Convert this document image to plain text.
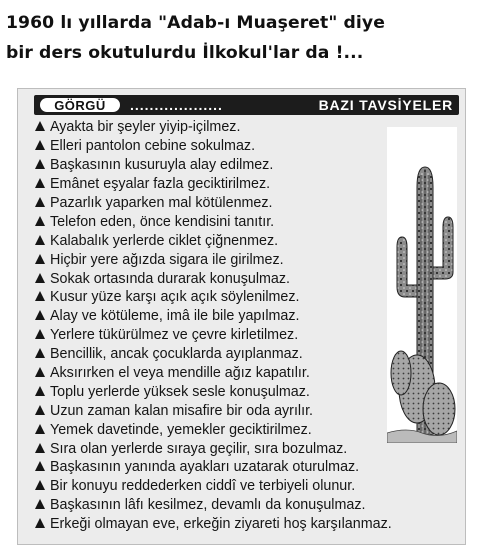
1960 lı yıllarda "Adab-ı Muaşeret" diye
bir ders okutulurdu İlkokul'lar da !...
GÖRGÜ	...................	BAZI TAVSİYELER
Ayakta bir şeyler yiyip-içilmez.
Elleri pantolon cebine sokulmaz.
Başkasının kusuruyla alay edilmez.
Emânet eşyalar fazla geciktirilmez.
Pazarlık yaparken mal kötülenmez.
Telefon eden, önce kendisini tanıtır.
Kalabalık yerlerde ciklet çiğnenmez.
Hiçbir yere ağızda sigara ile girilmez.
Sokak ortasında durarak konuşulmaz.
Kusur yüze karşı açık açık söylenilmez.
Alay ve kötüleme, imâ ile bile yapılmaz.
Yerlere tükürülmez ve çevre kirletilmez.
Bencillik, ancak çocuklarda ayıplanmaz.
Aksırırken el veya mendille ağız kapatılır.
Toplu yerlerde yüksek sesle konuşulmaz.
Uzun zaman kalan misafire bir oda ayrılır.
Yemek davetinde, yemekler geciktirilmez.
Sıra olan yerlerde sıraya geçilir, sıra bozulmaz.
Başkasının yanında ayakları uzatarak oturulmaz.
Bir konuyu reddederken ciddî ve terbiyeli olunur.
Başkasının lâfı kesilmez, devamlı da konuşulmaz.
Erkeği olmayan eve, erkeğin ziyareti hoş karşılanmaz.
